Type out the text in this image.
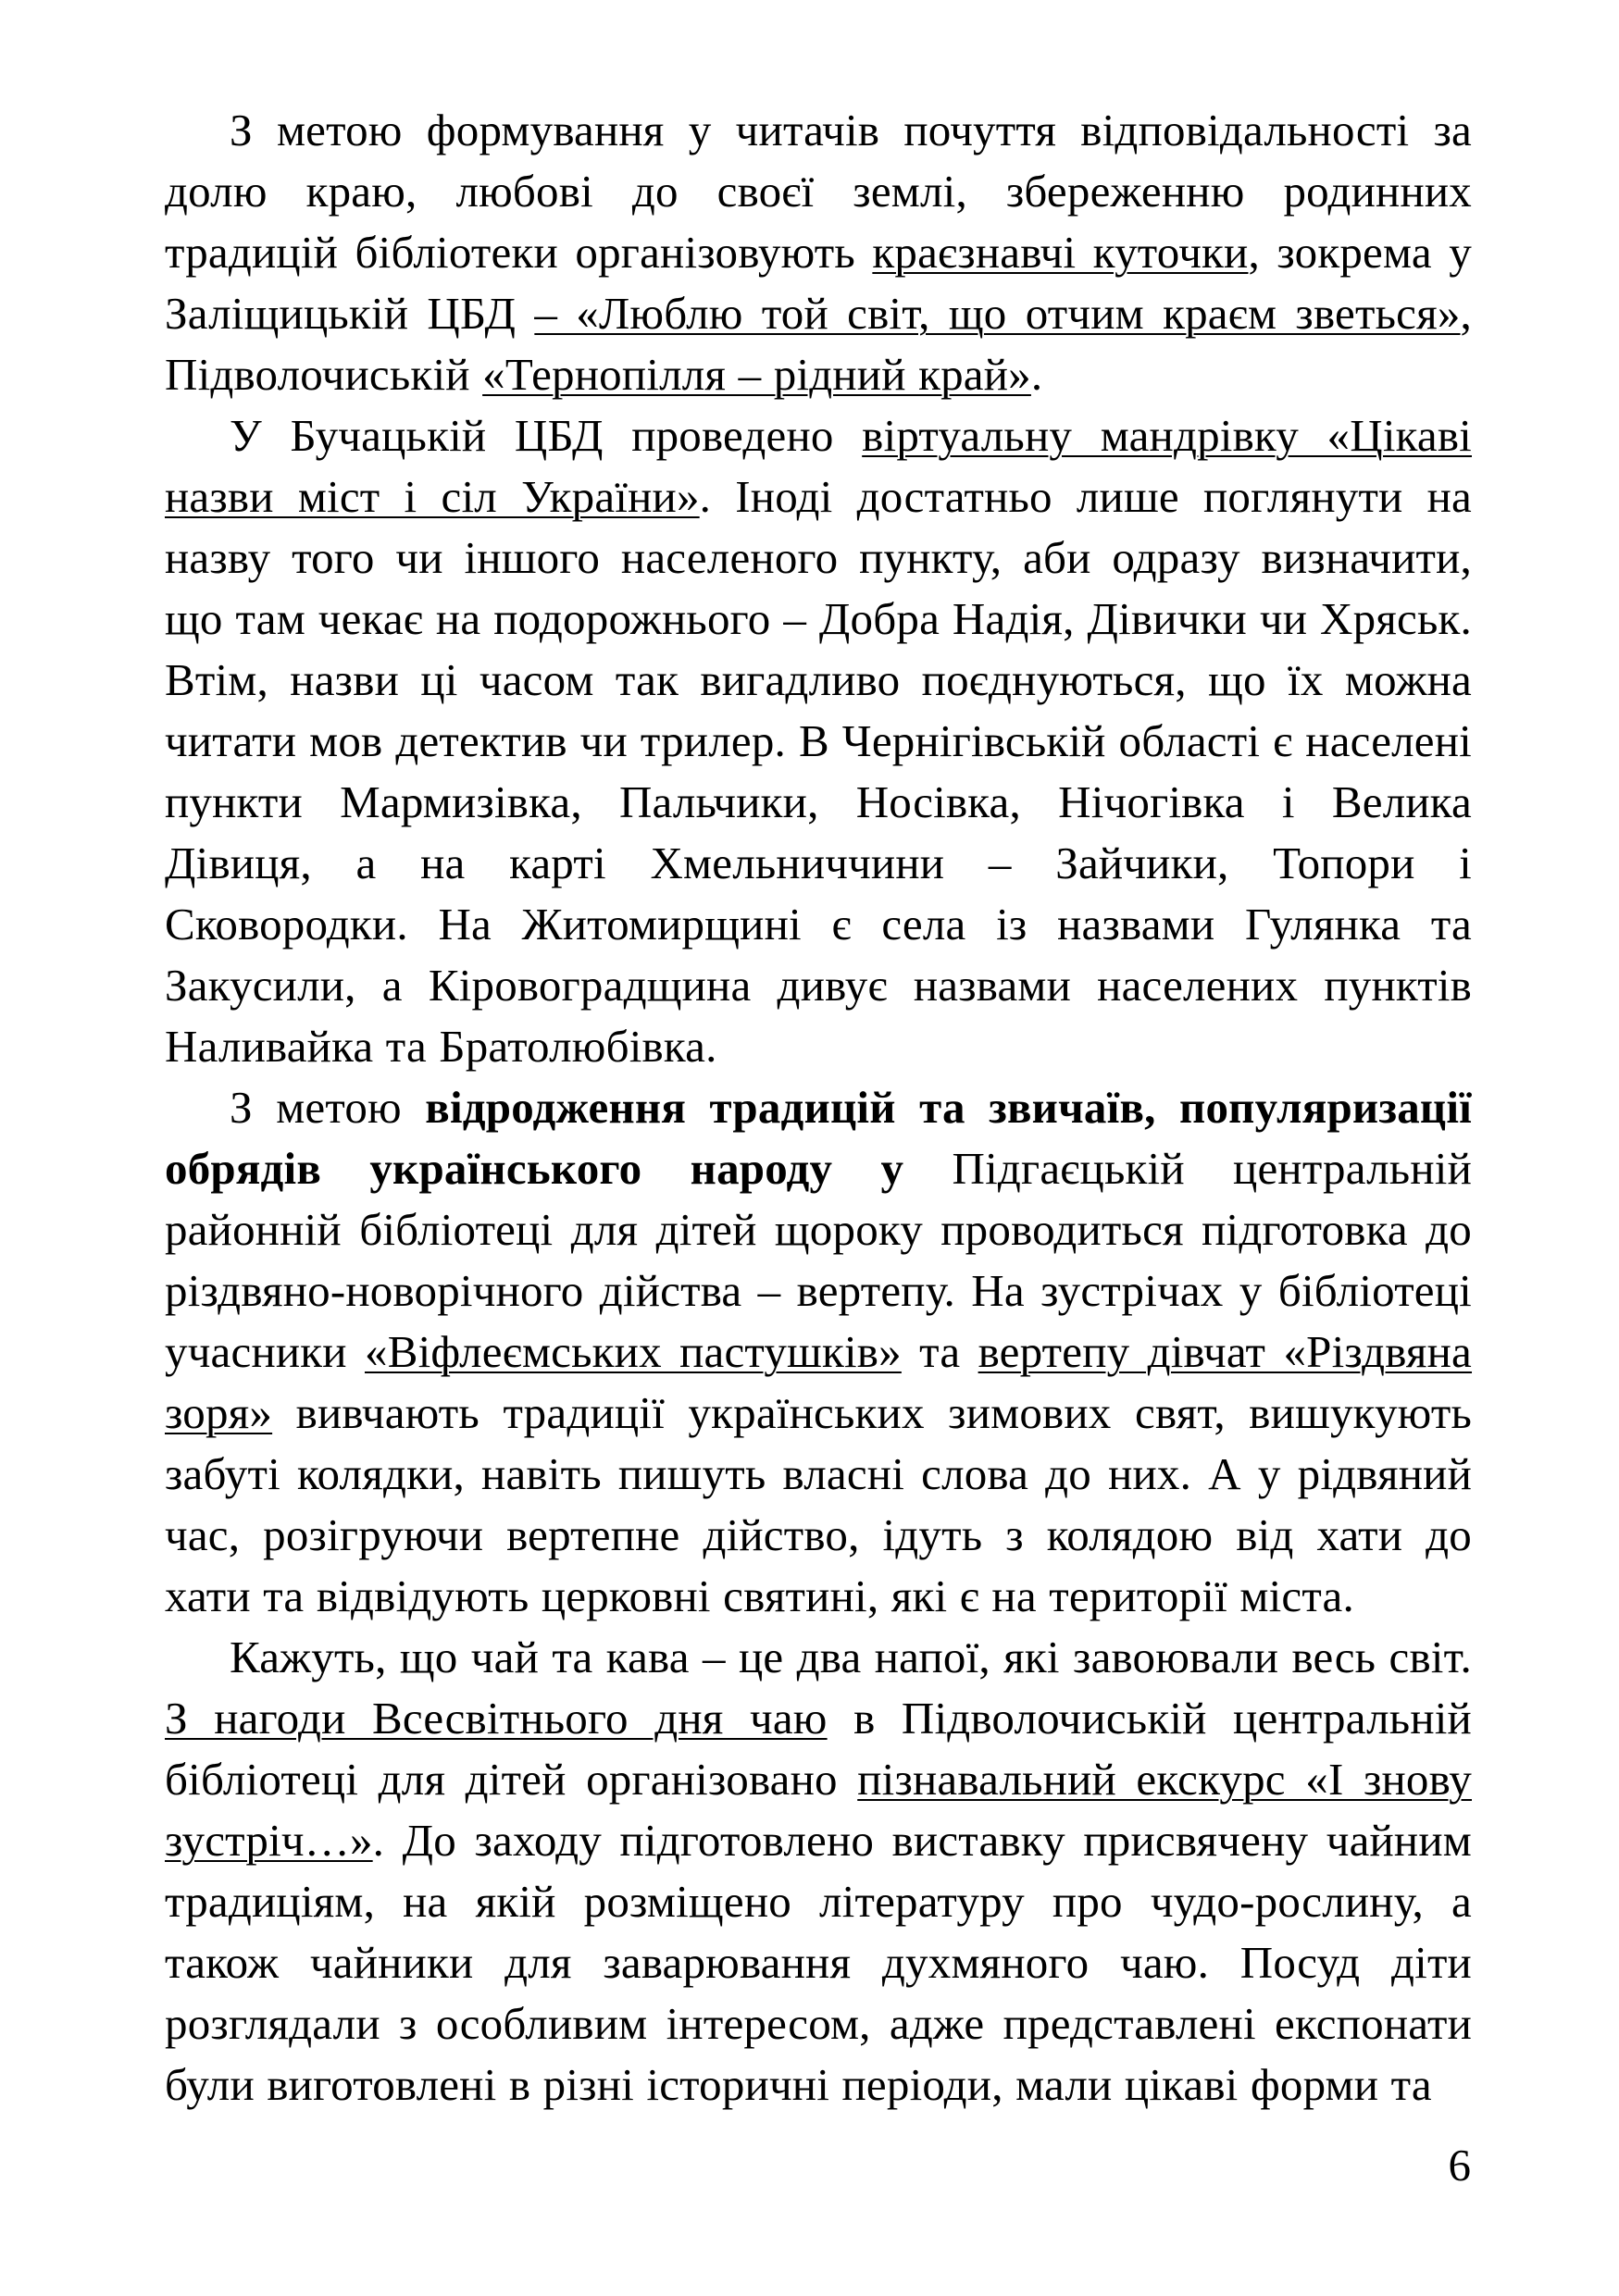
З метою формування у читачів почуття відповідальності за долю краю, любові до своєї землі, збереженню родинних традицій бібліотеки організовують краєзнавчі куточки, зокрема у Заліщицькій ЦБД – «Люблю той світ, що отчим краєм зветься», Підволочиській «Тернопілля – рідний край».

У Бучацькій ЦБД проведено віртуальну мандрівку «Цікаві назви міст і сіл України». Іноді достатньо лише поглянути на назву того чи іншого населеного пункту, аби одразу визначити, що там чекає на подорожнього – Добра Надія, Дівички чи Хряськ. Втім, назви ці часом так вигадливо поєднуються, що їх можна читати мов детектив чи трилер. В Чернігівській області є населені пункти Мармизівка, Пальчики, Носівка, Нічогівка і Велика Дівиця, а на карті Хмельниччини – Зайчики, Топори і Сковородки. На Житомирщині є села із назвами Гулянка та Закусили, а Кіровоградщина дивує назвами населених пунктів Наливайка та Братолюбівка.

З метою відродження традицій та звичаїв, популяризації обрядів українського народу у Підгаєцькій центральній районній бібліотеці для дітей щороку проводиться підготовка до різдвяно-новорічного дійства – вертепу. На зустрічах у бібліотеці учасники «Віфлеємських пастушків» та вертепу дівчат «Різдвяна зоря» вивчають традиції українських зимових свят, вишукують забуті колядки, навіть пишуть власні слова до них. А у рідвяний час, розігруючи вертепне дійство, ідуть з колядою від хати до хати та відвідують церковні святині, які є на території міста.

Кажуть, що чай та кава – це два напої, які завоювали весь світ. З нагоди Всесвітнього дня чаю в Підволочиській центральній бібліотеці для дітей організовано пізнавальний екскурс «І знову зустріч…». До заходу підготовлено виставку присвячену чайним традиціям, на якій розміщено літературу про чудо-рослину, а також чайники для заварювання духмяного чаю. Посуд діти розглядали з особливим інтересом, адже представлені експонати були виготовлені в різні історичні періоди, мали цікаві форми та

6
